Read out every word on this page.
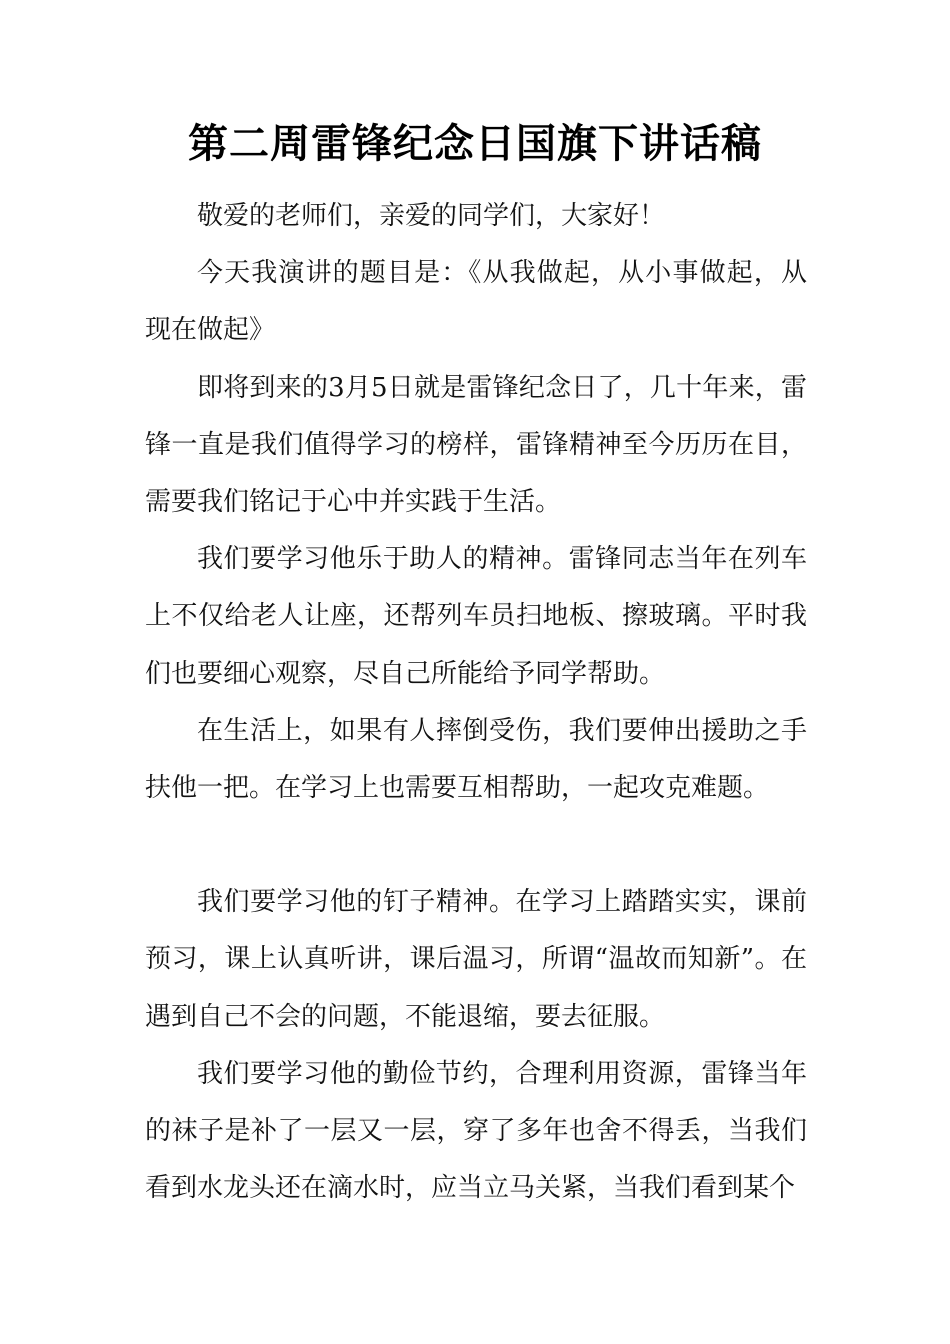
第二周雷锋纪念日国旗下讲话稿

敬爱的老师们，亲爱的同学们，大家好！

今天我演讲的题目是：《从我做起，从小事做起，从现在做起》

即将到来的3月5日就是雷锋纪念日了，几十年来，雷锋一直是我们值得学习的榜样，雷锋精神至今历历在目，需要我们铭记于心中并实践于生活。

我们要学习他乐于助人的精神。雷锋同志当年在列车上不仅给老人让座，还帮列车员扫地板、擦玻璃。平时我们也要细心观察，尽自己所能给予同学帮助。

在生活上，如果有人摔倒受伤，我们要伸出援助之手扶他一把。在学习上也需要互相帮助，一起攻克难题。

我们要学习他的钉子精神。在学习上踏踏实实，课前预习，课上认真听讲，课后温习，所谓“温故而知新”。在遇到自己不会的问题，不能退缩，要去征服。

我们要学习他的勤俭节约，合理利用资源，雷锋当年的袜子是补了一层又一层，穿了多年也舍不得丢，当我们看到水龙头还在滴水时，应当立马关紧，当我们看到某个
